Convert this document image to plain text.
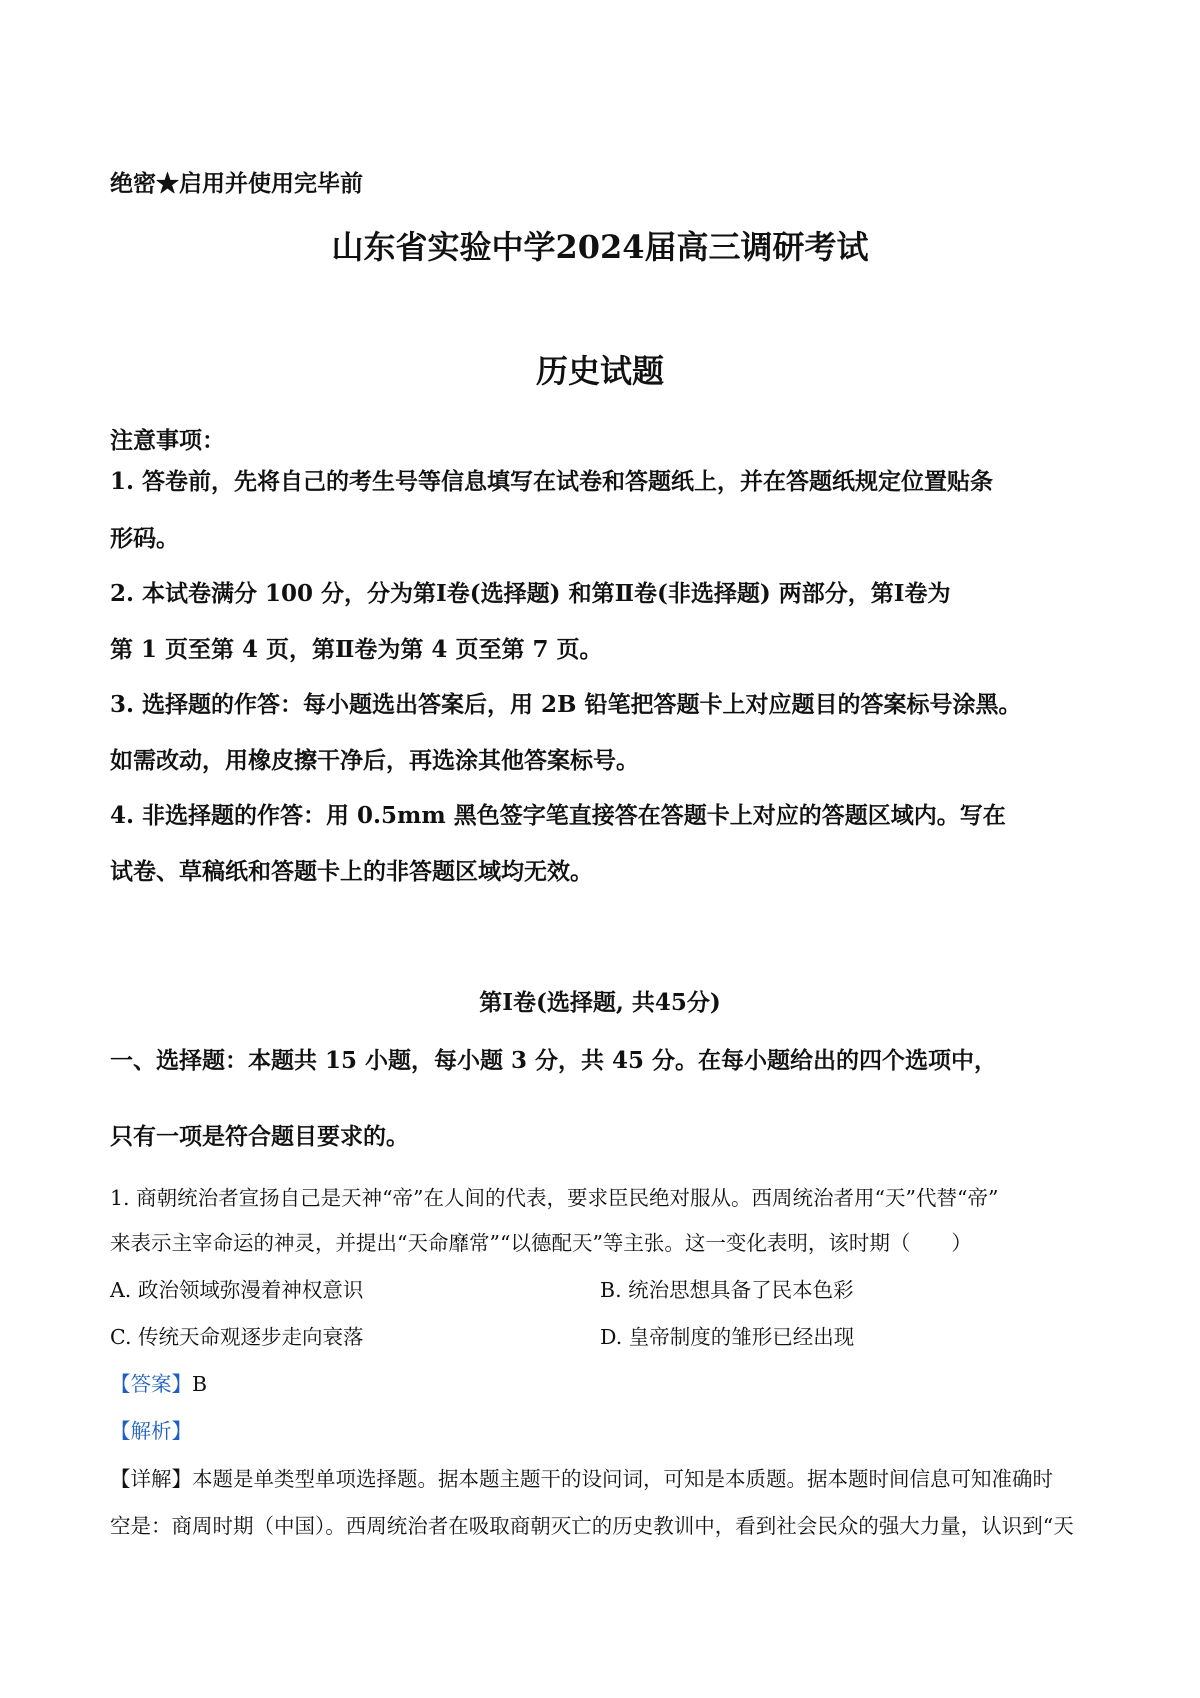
绝密★启用并使用完毕前
山东省实验中学2024届高三调研考试
历史试题
注意事项：
1. 答卷前，先将自己的考生号等信息填写在试卷和答题纸上，并在答题纸规定位置贴条
形码。
2. 本试卷满分 100 分，分为第Ⅰ卷(选择题) 和第Ⅱ卷(非选择题) 两部分，第Ⅰ卷为
第 1 页至第 4 页，第Ⅱ卷为第 4 页至第 7 页。
3. 选择题的作答：每小题选出答案后，用 2B 铅笔把答题卡上对应题目的答案标号涂黑。
如需改动，用橡皮擦干净后，再选涂其他答案标号。
4. 非选择题的作答：用 0.5mm 黑色签字笔直接答在答题卡上对应的答题区域内。写在
试卷、草稿纸和答题卡上的非答题区域均无效。
第Ⅰ卷(选择题, 共45分)
一、选择题：本题共 15 小题，每小题 3 分，共 45 分。在每小题给出的四个选项中，
只有一项是符合题目要求的。
1. 商朝统治者宣扬自己是天神“帝”在人间的代表，要求臣民绝对服从。西周统治者用“天”代替“帝”
来表示主宰命运的神灵，并提出“天命靡常”“以德配天”等主张。这一变化表明，该时期（　　）
A. 政治领域弥漫着神权意识	B. 统治思想具备了民本色彩
C. 传统天命观逐步走向衰落	D. 皇帝制度的雏形已经出现
【答案】B
【解析】
【详解】本题是单类型单项选择题。据本题主题干的设问词，可知是本质题。据本题时间信息可知准确时
空是：商周时期（中国）。西周统治者在吸取商朝灭亡的历史教训中，看到社会民众的强大力量，认识到“天
